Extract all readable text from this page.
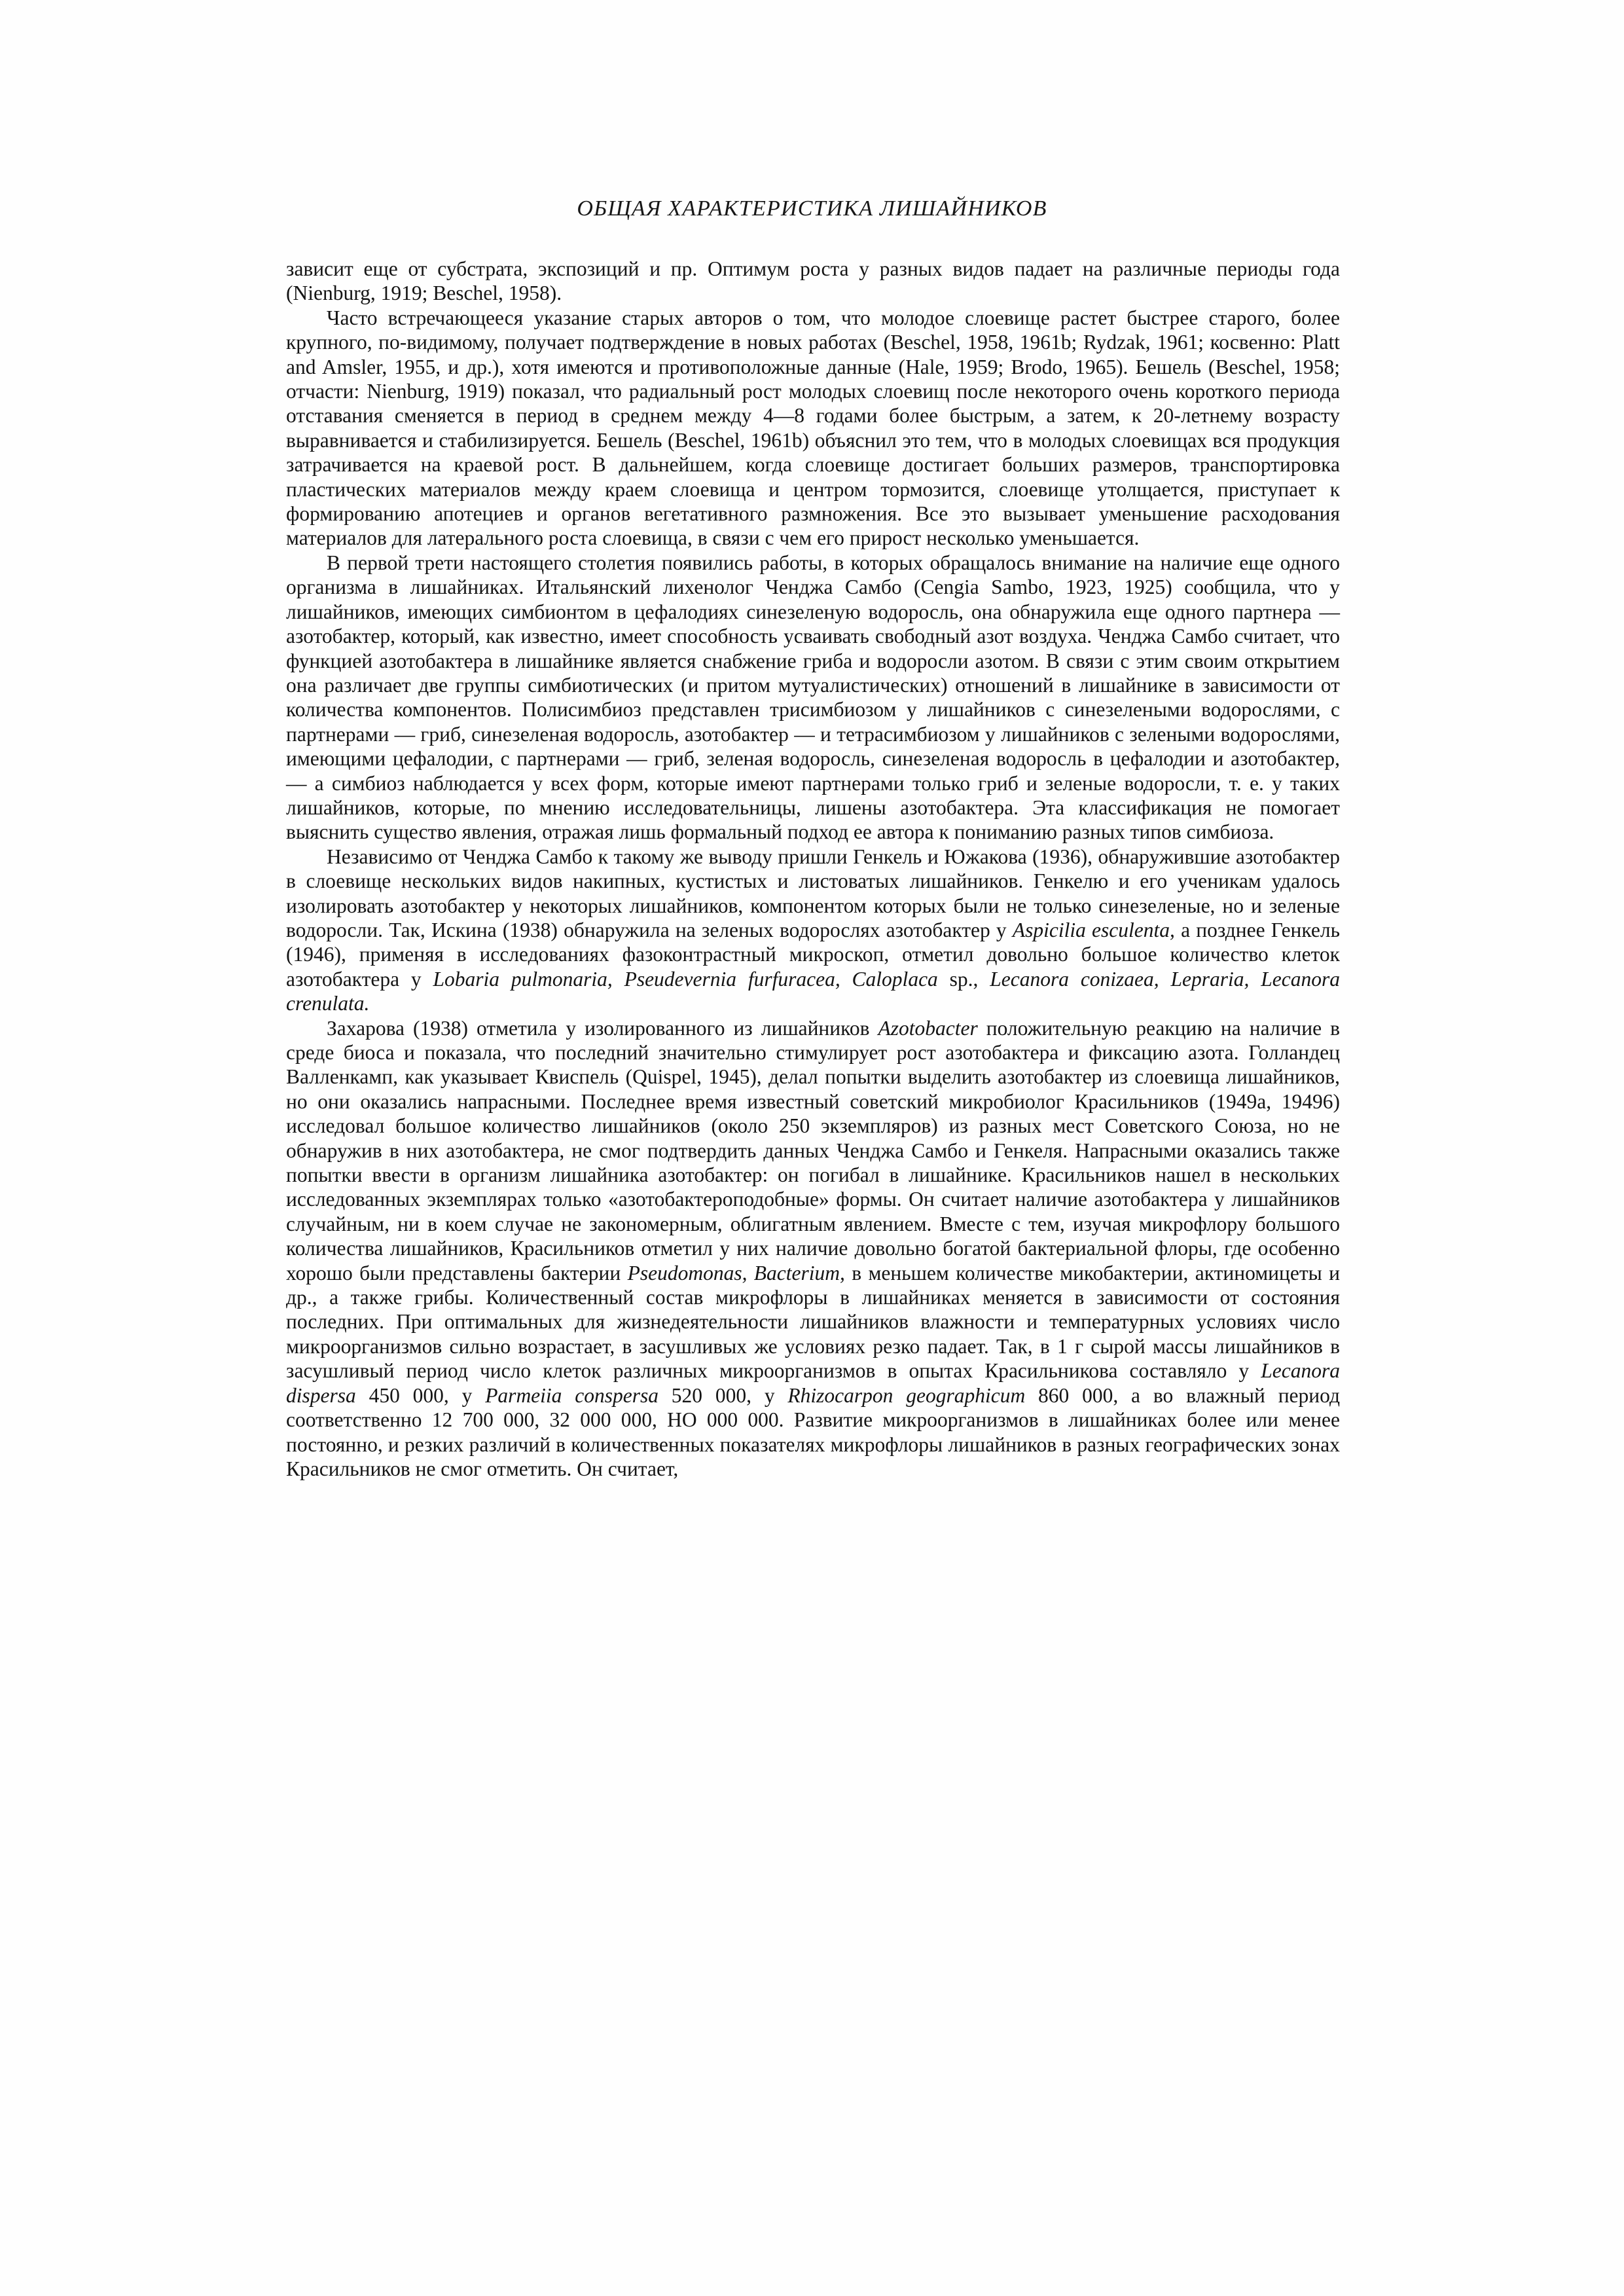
ОБЩАЯ ХАРАКТЕРИСТИКА ЛИШАЙНИКОВ

зависит еще от субстрата, экспозиций и пр. Оптимум роста у разных видов падает на различные периоды года (Nienburg, 1919; Beschel, 1958).

Часто встречающееся указание старых авторов о том, что молодое слоевище растет быстрее старого, более крупного, по-видимому, получает подтверждение в новых работах (Beschel, 1958, 1961b; Rydzak, 1961; косвенно: Platt and Amsler, 1955, и др.), хотя имеются и противоположные данные (Hale, 1959; Brodo, 1965). Бешель (Beschel, 1958; отчасти: Nienburg, 1919) показал, что радиальный рост молодых слоевищ после некоторого очень короткого периода отставания сменяется в период в среднем между 4—8 годами более быстрым, а затем, к 20-летнему возрасту выравнивается и стабилизируется. Бешель (Beschel, 1961b) объяснил это тем, что в молодых слоевищах вся продукция затрачивается на краевой рост. В дальнейшем, когда слоевище достигает больших размеров, транспортировка пластических материалов между краем слоевища и центром тормозится, слоевище утолщается, приступает к формированию апотециев и органов вегетативного размножения. Все это вызывает уменьшение расходования материалов для латерального роста слоевища, в связи с чем его прирост несколько уменьшается.

В первой трети настоящего столетия появились работы, в которых обращалось внимание на наличие еще одного организма в лишайниках. Итальянский лихенолог Ченджа Самбо (Cengia Sambo, 1923, 1925) сообщила, что у лишайников, имеющих симбионтом в цефалодиях синезеленую водоросль, она обнаружила еще одного партнера — азотобактер, который, как известно, имеет способность усваивать свободный азот воздуха. Ченджа Самбо считает, что функцией азотобактера в лишайнике является снабжение гриба и водоросли азотом. В связи с этим своим открытием она различает две группы симбиотических (и притом мутуалистических) отношений в лишайнике в зависимости от количества компонентов. Полисимбиоз представлен трисимбиозом у лишайников с синезелеными водорослями, с партнерами — гриб, синезеленая водоросль, азотобактер — и тетрасимбиозом у лишайников с зелеными водорослями, имеющими цефалодии, с партнерами — гриб, зеленая водоросль, синезеленая водоросль в цефалодии и азотобактер, — а симбиоз наблюдается у всех форм, которые имеют партнерами только гриб и зеленые водоросли, т. е. у таких лишайников, которые, по мнению исследовательницы, лишены азотобактера. Эта классификация не помогает выяснить существо явления, отражая лишь формальный подход ее автора к пониманию разных типов симбиоза.

Независимо от Ченджа Самбо к такому же выводу пришли Генкель и Южакова (1936), обнаружившие азотобактер в слоевище нескольких видов накипных, кустистых и листоватых лишайников. Генкелю и его ученикам удалось изолировать азотобактер у некоторых лишайников, компонентом которых были не только синезеленые, но и зеленые водоросли. Так, Искина (1938) обнаружила на зеленых водорослях азотобактер у Aspicilia esculenta, а позднее Генкель (1946), применяя в исследованиях фазоконтрастный микроскоп, отметил довольно большое количество клеток азотобактера у Lobaria pulmonaria, Pseudevernia furfuracea, Caloplaca sp., Lecanora conizaea, Lepraria, Lecanora crenulata.

Захарова (1938) отметила у изолированного из лишайников Azotobacter положительную реакцию на наличие в среде биоса и показала, что последний значительно стимулирует рост азотобактера и фиксацию азота. Голландец Валленкамп, как указывает Квиспель (Quispel, 1945), делал попытки выделить азотобактер из слоевища лишайников, но они оказались напрасными. Последнее время известный советский микробиолог Красильников (1949а, 19496) исследовал большое количество лишайников (около 250 экземпляров) из разных мест Советского Союза, но не обнаружив в них азотобактера, не смог подтвердить данных Ченджа Самбо и Генкеля. Напрасными оказались также попытки ввести в организм лишайника азотобактер: он погибал в лишайнике. Красильников нашел в нескольких исследованных экземплярах только «азотобактероподобные» формы. Он считает наличие азотобактера у лишайников случайным, ни в коем случае не закономерным, облигатным явлением. Вместе с тем, изучая микрофлору большого количества лишайников, Красильников отметил у них наличие довольно богатой бактериальной флоры, где особенно хорошо были представлены бактерии Pseudomonas, Bacterium, в меньшем количестве микобактерии, актиномицеты и др., а также грибы. Количественный состав микрофлоры в лишайниках меняется в зависимости от состояния последних. При оптимальных для жизнедеятельности лишайников влажности и температурных условиях число микроорганизмов сильно возрастает, в засушливых же условиях резко падает. Так, в 1 г сырой массы лишайников в засушливый период число клеток различных микроорганизмов в опытах Красильникова составляло у Lecanora dispersa 450 000, у Parmeiia conspersa 520 000, у Rhizocarpon geographicum 860 000, а во влажный период соответственно 12 700 000, 32 000 000, НО 000 000. Развитие микроорганизмов в лишайниках более или менее постоянно, и резких различий в количественных показателях микрофлоры лишайников в разных географических зонах Красильников не смог отметить. Он считает,
